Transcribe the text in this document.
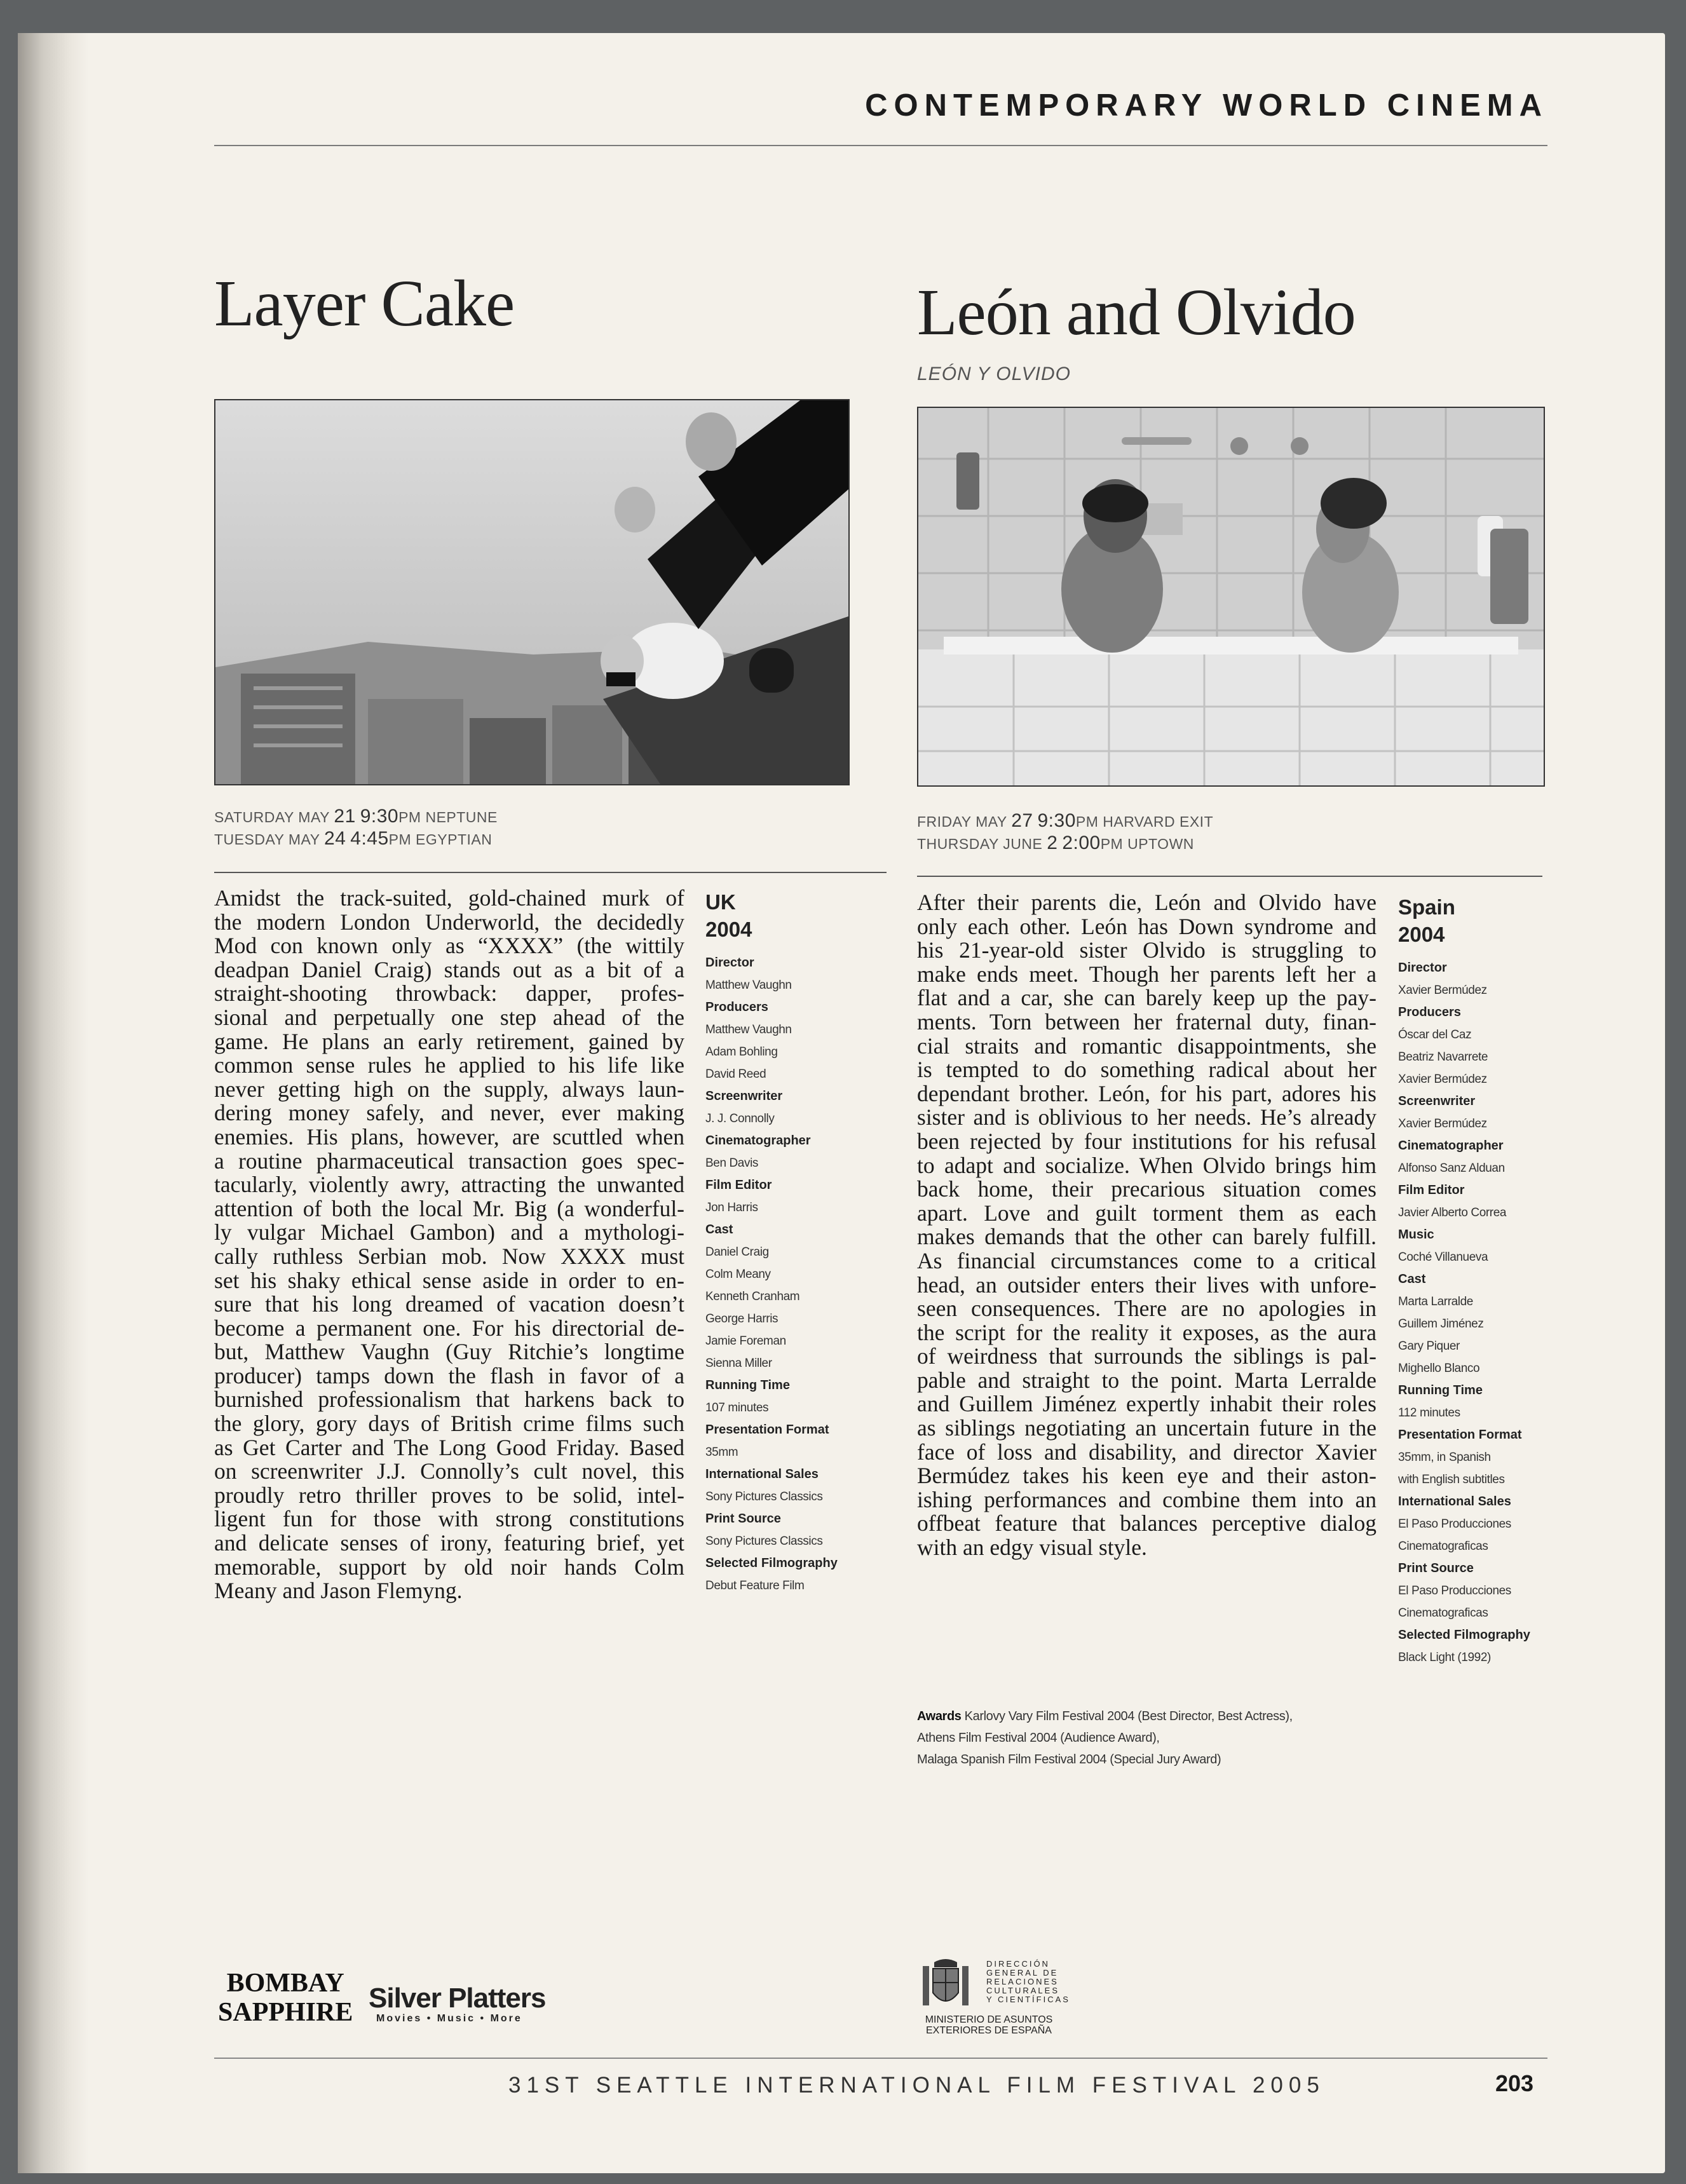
CONTEMPORARY WORLD CINEMA
Layer Cake
SATURDAY MAY 21 9:30PM NEPTUNE
TUESDAY MAY 24 4:45PM EGYPTIAN
Amidst the track-suited, gold-chained murk of
the modern London Underworld, the decidedly
Mod con known only as “XXXX” (the wittily
deadpan Daniel Craig) stands out as a bit of a
straight-shooting throwback: dapper, profes-
sional and perpetually one step ahead of the
game. He plans an early retirement, gained by
common sense rules he applied to his life like
never getting high on the supply, always laun-
dering money safely, and never, ever making
enemies. His plans, however, are scuttled when
a routine pharmaceutical transaction goes spec-
tacularly, violently awry, attracting the unwanted
attention of both the local Mr. Big (a wonderful-
ly vulgar Michael Gambon) and a mythologi-
cally ruthless Serbian mob. Now XXXX must
set his shaky ethical sense aside in order to en-
sure that his long dreamed of vacation doesn’t
become a permanent one. For his directorial de-
but, Matthew Vaughn (Guy Ritchie’s longtime
producer) tamps down the flash in favor of a
burnished professionalism that harkens back to
the glory, gory days of British crime films such
as Get Carter and The Long Good Friday. Based
on screenwriter J.J. Connolly’s cult novel, this
proudly retro thriller proves to be solid, intel-
ligent fun for those with strong constitutions
and delicate senses of irony, featuring brief, yet
memorable, support by old noir hands Colm
Meany and Jason Flemyng.
UK
2004
Director
Matthew Vaughn
Producers
Matthew Vaughn
Adam Bohling
David Reed
Screenwriter
J. J. Connolly
Cinematographer
Ben Davis
Film Editor
Jon Harris
Cast
Daniel Craig
Colm Meany
Kenneth Cranham
George Harris
Jamie Foreman
Sienna Miller
Running Time
107 minutes
Presentation Format
35mm
International Sales
Sony Pictures Classics
Print Source
Sony Pictures Classics
Selected Filmography
Debut Feature Film
León and Olvido
LEÓN Y OLVIDO
FRIDAY MAY 27 9:30PM HARVARD EXIT
THURSDAY JUNE 2 2:00PM UPTOWN
After their parents die, León and Olvido have
only each other. León has Down syndrome and
his 21-year-old sister Olvido is struggling to
make ends meet. Though her parents left her a
flat and a car, she can barely keep up the pay-
ments. Torn between her fraternal duty, finan-
cial straits and romantic disappointments, she
is tempted to do something radical about her
dependant brother. León, for his part, adores his
sister and is oblivious to her needs. He’s already
been rejected by four institutions for his refusal
to adapt and socialize. When Olvido brings him
back home, their precarious situation comes
apart. Love and guilt torment them as each
makes demands that the other can barely fulfill.
As financial circumstances come to a critical
head, an outsider enters their lives with unfore-
seen consequences. There are no apologies in
the script for the reality it exposes, as the aura
of weirdness that surrounds the siblings is pal-
pable and straight to the point. Marta Lerralde
and Guillem Jiménez expertly inhabit their roles
as siblings negotiating an uncertain future in the
face of loss and disability, and director Xavier
Bermúdez takes his keen eye and their aston-
ishing performances and combine them into an
offbeat feature that balances perceptive dialog
with an edgy visual style.
Spain
2004
Director
Xavier Bermúdez
Producers
Óscar del Caz
Beatriz Navarrete
Xavier Bermúdez
Screenwriter
Xavier Bermúdez
Cinematographer
Alfonso Sanz Alduan
Film Editor
Javier Alberto Correa
Music
Coché Villanueva
Cast
Marta Larralde
Guillem Jiménez
Gary Piquer
Mighello Blanco
Running Time
112 minutes
Presentation Format
35mm, in Spanish
with English subtitles
International Sales
El Paso Producciones
Cinematograficas
Print Source
El Paso Producciones
Cinematograficas
Selected Filmography
Black Light (1992)
Awards Karlovy Vary Film Festival 2004 (Best Director, Best Actress),
Athens Film Festival 2004 (Audience Award),
Malaga Spanish Film Festival 2004 (Special Jury Award)
BOMBAY
SAPPHIRE Silver Platters
Movies • Music • More
DIRECCIÓN
GENERAL DE
RELACIONES
CULTURALES
Y CIENTÍFICAS
MINISTERIO DE ASUNTOS
EXTERIORES DE ESPAÑA
31ST SEATTLE INTERNATIONAL FILM FESTIVAL 2005	203
